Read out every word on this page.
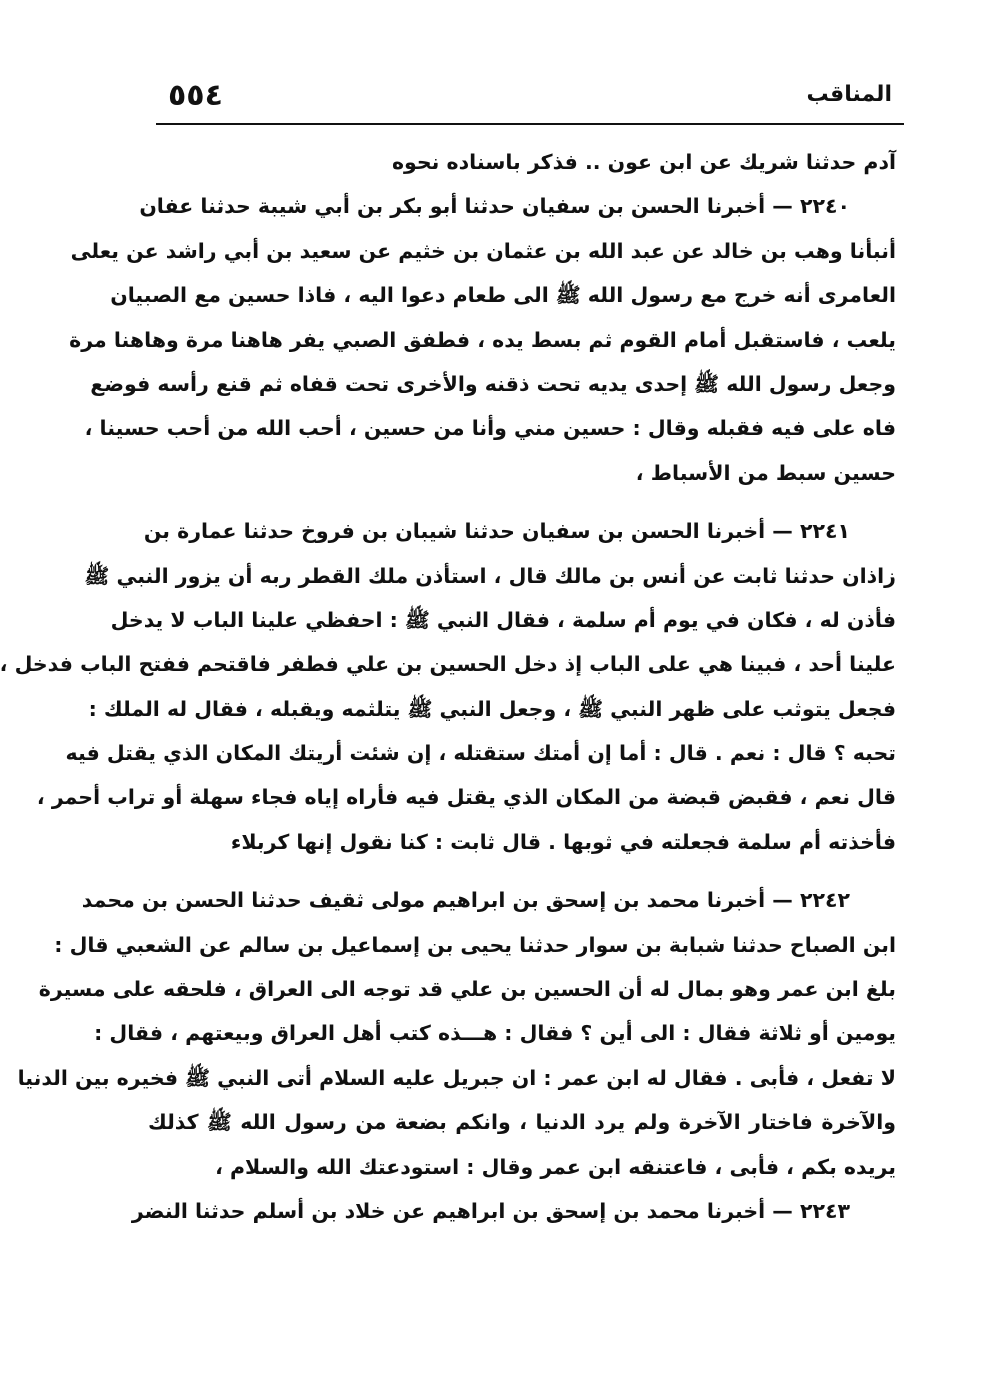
٥٥٤	المناقب
آدم حدثنا شريك عن ابن عون .. فذكر باسناده نحوه
٢٢٤٠ — أخبرنا الحسن بن سفيان حدثنا أبو بكر بن أبي شيبة حدثنا عفان
أنبأنا وهب بن خالد عن عبد الله بن عثمان بن خثيم عن سعيد بن أبي راشد عن يعلى
العامرى أنه خرج مع رسول الله ﷺ الى طعام دعوا اليه ، فاذا حسين مع الصبيان
يلعب ، فاستقبل أمام القوم ثم بسط يده ، فطفق الصبي يفر هاهنا مرة وهاهنا مرة
وجعل رسول الله ﷺ إحدى يديه تحت ذقنه والأخرى تحت قفاه ثم قنع رأسه فوضع
فاه على فيه فقبله وقال : حسين مني وأنا من حسين ، أحب الله من أحب حسينا ،
حسين سبط من الأسباط ،
٢٢٤١ — أخبرنا الحسن بن سفيان حدثنا شيبان بن فروخ حدثنا عمارة بن
زاذان حدثنا ثابت عن أنس بن مالك قال ، استأذن ملك القطر ربه أن يزور النبي ﷺ
فأذن له ، فكان في يوم أم سلمة ، فقال النبي ﷺ : احفظي علينا الباب لا يدخل
علينا أحد ، فبينا هي على الباب إذ دخل الحسين بن علي فطفر فاقتحم ففتح الباب فدخل ،
فجعل يتوثب على ظهر النبي ﷺ ، وجعل النبي ﷺ يتلثمه ويقبله ، فقال له الملك :
تحبه ؟ قال : نعم . قال : أما إن أمتك ستقتله ، إن شئت أريتك المكان الذي يقتل فيه
قال نعم ، فقبض قبضة من المكان الذي يقتل فيه فأراه إياه فجاء سهلة أو تراب أحمر ،
فأخذته أم سلمة فجعلته في ثوبها . قال ثابت : كنا نقول إنها كربلاء
٢٢٤٢ — أخبرنا محمد بن إسحق بن ابراهيم مولى ثقيف حدثنا الحسن بن محمد
ابن الصباح حدثنا شبابة بن سوار حدثنا يحيى بن إسماعيل بن سالم عن الشعبي قال :
بلغ ابن عمر وهو بمال له أن الحسين بن علي قد توجه الى العراق ، فلحقه على مسيرة
يومين أو ثلاثة فقال : الى أين ؟ فقال : هـــذه كتب أهل العراق وبيعتهم ، فقال :
لا تفعل ، فأبى . فقال له ابن عمر : ان جبريل عليه السلام أتى النبي ﷺ فخيره بين الدنيا
والآخرة فاختار الآخرة ولم يرد الدنيا ، وانكم بضعة من رسول الله ﷺ كذلك
يريده بكم ، فأبى ، فاعتنقه ابن عمر وقال : استودعتك الله والسلام ،
٢٢٤٣ — أخبرنا محمد بن إسحق بن ابراهيم عن خلاد بن أسلم حدثنا النضر
